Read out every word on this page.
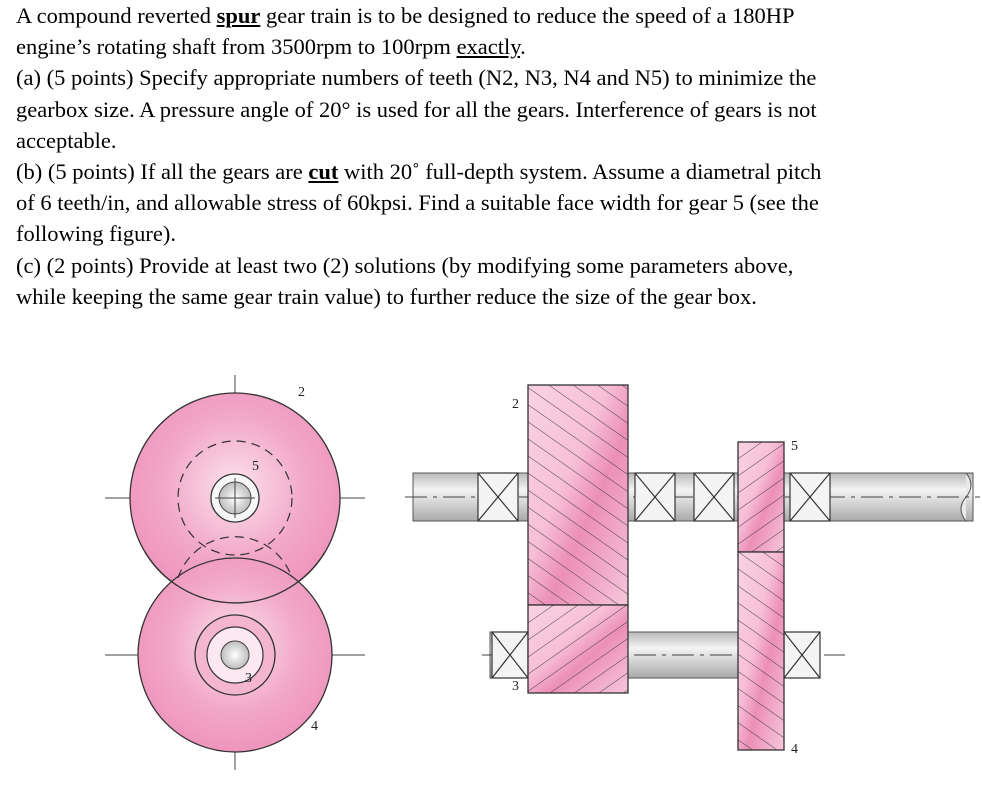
A compound reverted spur gear train is to be designed to reduce the speed of a 180HP
engine’s rotating shaft from 3500rpm to 100rpm exactly.
(a) (5 points) Specify appropriate numbers of teeth (N2, N3, N4 and N5) to minimize the
gearbox size. A pressure angle of 20° is used for all the gears. Interference of gears is not
acceptable.
(b) (5 points) If all the gears are cut with 20˚ full-depth system. Assume a diametral pitch
of 6 teeth/in, and allowable stress of 60kpsi. Find a suitable face width for gear 5 (see the
following figure).
(c) (2 points) Provide at least two (2) solutions (by modifying some parameters above,
while keeping the same gear train value) to further reduce the size of the gear box.
2
5
3
4
2
3
5
4
